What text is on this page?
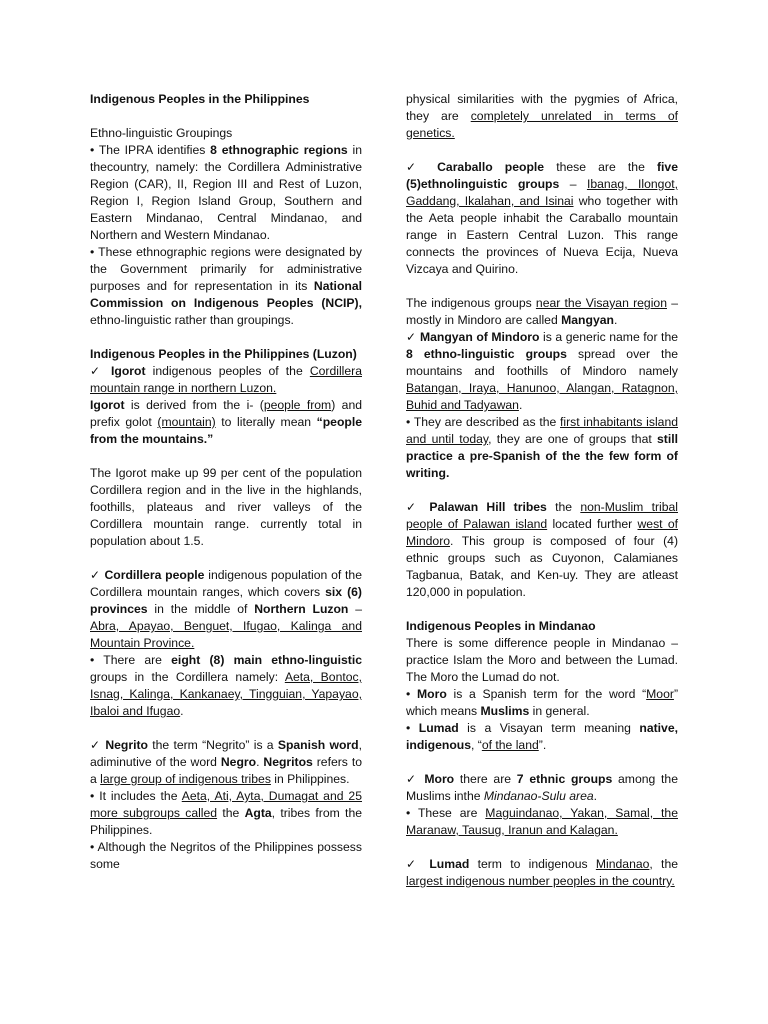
Indigenous Peoples in the Philippines

Ethno-linguistic Groupings

• The IPRA identifies 8 ethnographic regions in thecountry, namely: the Cordillera Administrative Region (CAR), II, Region III and Rest of Luzon, Region I, Region Island Group, Southern and Eastern Mindanao, Central Mindanao, and Northern and Western Mindanao.

• These ethnographic regions were designated by the Government primarily for administrative purposes and for representation in its National Commission on Indigenous Peoples (NCIP), ethno-linguistic rather than groupings.

Indigenous Peoples in the Philippines (Luzon)

✓ Igorot indigenous peoples of the Cordillera mountain range in northern Luzon.

Igorot is derived from the i- (people from) and prefix golot (mountain) to literally mean “people from the mountains.”

The Igorot make up 99 per cent of the population Cordillera region and in the live in the highlands, foothills, plateaus and river valleys of the Cordillera mountain range. currently total in population about 1.5.

✓ Cordillera people indigenous population of the Cordillera mountain ranges, which covers six (6) provinces in the middle of Northern Luzon – Abra, Apayao, Benguet, Ifugao, Kalinga and Mountain Province.

• There are eight (8) main ethno-linguistic groups in the Cordillera namely: Aeta, Bontoc, Isnag, Kalinga, Kankanaey, Tingguian, Yapayao, Ibaloi and Ifugao.

✓ Negrito the term “Negrito” is a Spanish word, adiminutive of the word Negro. Negritos refers to a large group of indigenous tribes in Philippines.

• It includes the Aeta, Ati, Ayta, Dumagat and 25 more subgroups called the Agta, tribes from the Philippines.

• Although the Negritos of the Philippines possess some

physical similarities with the pygmies of Africa, they are completely unrelated in terms of genetics.

✓ Caraballo people these are the five (5)ethnolinguistic groups – Ibanag, Ilongot, Gaddang, Ikalahan, and Isinai who together with the Aeta people inhabit the Caraballo mountain range in Eastern Central Luzon. This range connects the provinces of Nueva Ecija, Nueva Vizcaya and Quirino.

The indigenous groups near the Visayan region – mostly in Mindoro are called Mangyan.

✓ Mangyan of Mindoro is a generic name for the 8 ethno-linguistic groups spread over the mountains and foothills of Mindoro namely Batangan, Iraya, Hanunoo, Alangan, Ratagnon, Buhid and Tadyawan.

• They are described as the first inhabitants island and until today, they are one of groups that still practice a pre-Spanish of the the few form of writing.

✓ Palawan Hill tribes the non-Muslim tribal people of Palawan island located further west of Mindoro. This group is composed of four (4) ethnic groups such as Cuyonon, Calamianes Tagbanua, Batak, and Ken-uy. They are atleast 120,000 in population.

Indigenous Peoples in Mindanao

There is some difference people in Mindanao – practice Islam the Moro and between the Lumad. The Moro the Lumad do not.

• Moro is a Spanish term for the word “Moor” which means Muslims in general.

• Lumad is a Visayan term meaning native, indigenous, “of the land”.

✓ Moro there are 7 ethnic groups among the Muslims inthe Mindanao-Sulu area.

• These are Maguindanao, Yakan, Samal, the Maranaw, Tausug, Iranun and Kalagan.

✓ Lumad term to indigenous Mindanao, the largest indigenous number peoples in the country.
